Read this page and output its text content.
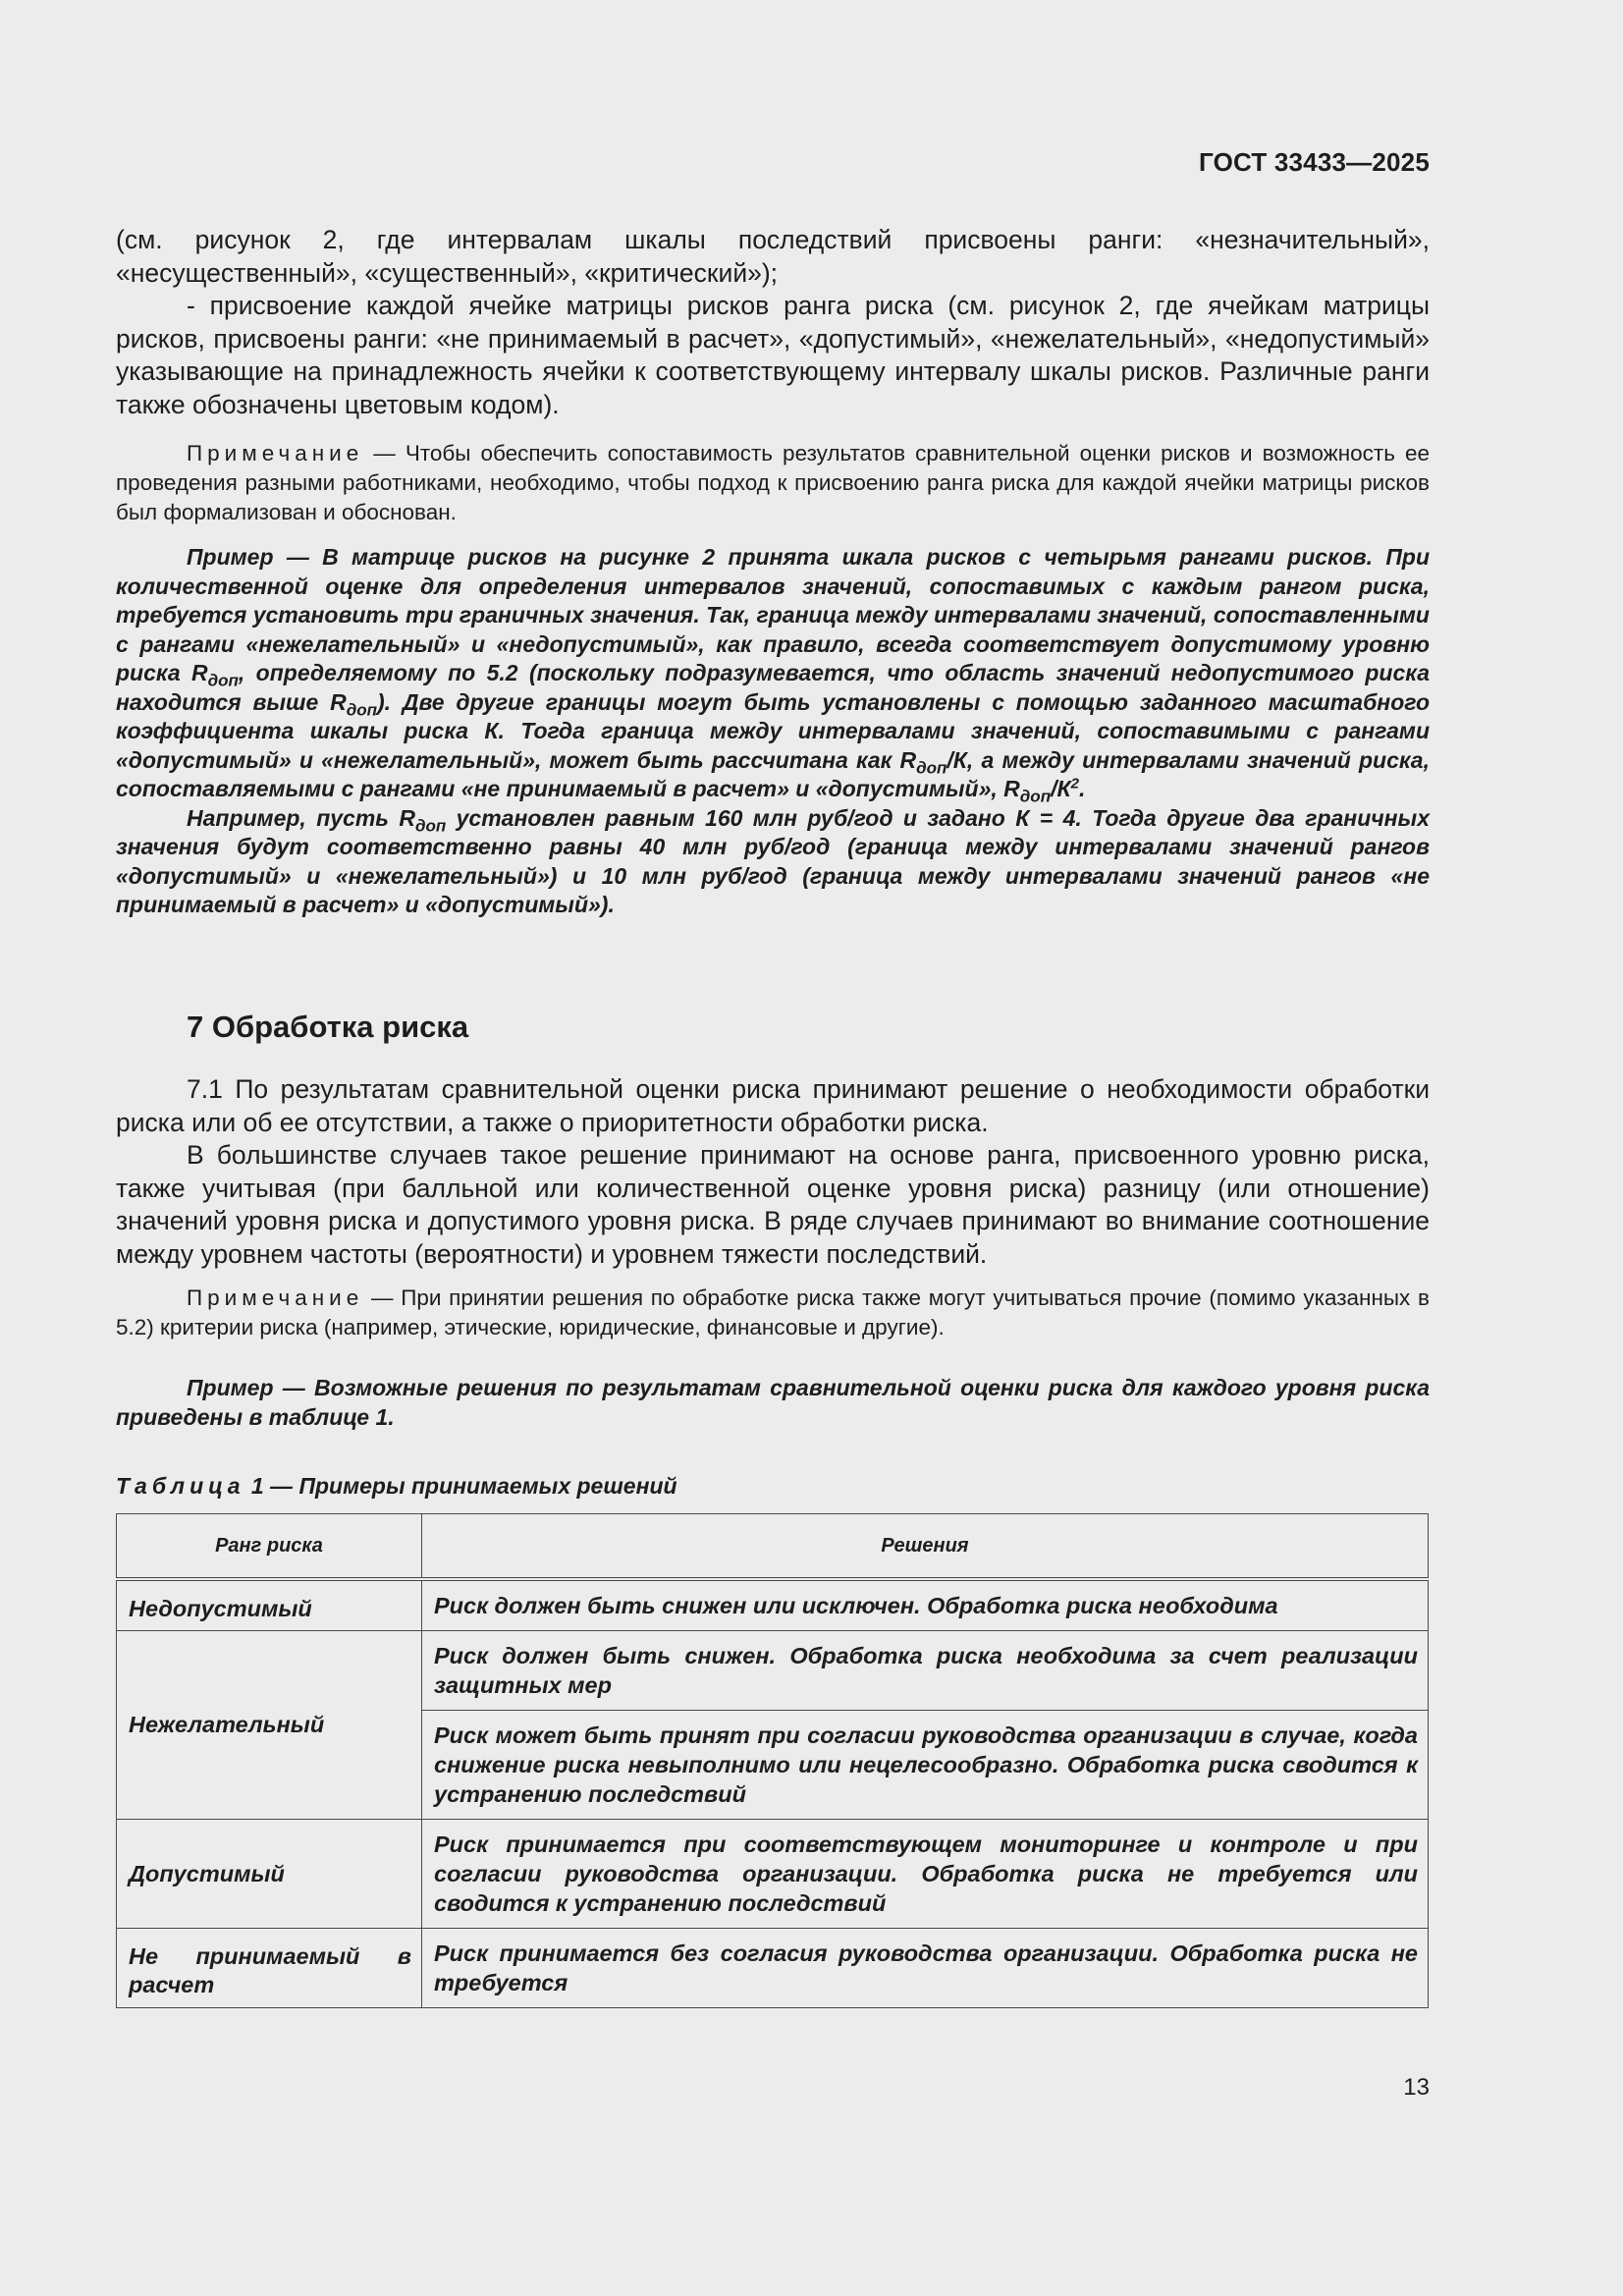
ГОСТ 33433—2025

(см. рисунок 2, где интервалам шкалы последствий присвоены ранги: «незначительный», «несущественный», «существенный», «критический»);

- присвоение каждой ячейке матрицы рисков ранга риска (см. рисунок 2, где ячейкам матрицы рисков, присвоены ранги: «не принимаемый в расчет», «допустимый», «нежелательный», «недопустимый» указывающие на принадлежность ячейки к соответствующему интервалу шкалы рисков. Различные ранги также обозначены цветовым кодом).

Примечание — Чтобы обеспечить сопоставимость результатов сравнительной оценки рисков и возможность ее проведения разными работниками, необходимо, чтобы подход к присвоению ранга риска для каждой ячейки матрицы рисков был формализован и обоснован.

Пример — В матрице рисков на рисунке 2 принята шкала рисков с четырьмя рангами рисков. При количественной оценке для определения интервалов значений, сопоставимых с каждым рангом риска, требуется установить три граничных значения. Так, граница между интервалами значений, сопоставленными с рангами «нежелательный» и «недопустимый», как правило, всегда соответствует допустимому уровню риска $R_{доп}$, определяемому по 5.2 (поскольку подразумевается, что область значений недопустимого риска находится выше $R_{доп}$). Две другие границы могут быть установлены с помощью заданного масштабного коэффициента шкалы риска К. Тогда граница между интервалами значений, сопоставимыми с рангами «допустимый» и «нежелательный», может быть рассчитана как $R_{доп}/К$, а между интервалами значений риска, сопоставляемыми с рангами «не принимаемый в расчет» и «допустимый», $R_{доп}/К^2$.

Например, пусть $R_{доп}$ установлен равным 160 млн руб/год и задано К = 4. Тогда другие два граничных значения будут соответственно равны 40 млн руб/год (граница между интервалами значений рангов «допустимый» и «нежелательный») и 10 млн руб/год (граница между интервалами значений рангов «не принимаемый в расчет» и «допустимый»).

7 Обработка риска

7.1 По результатам сравнительной оценки риска принимают решение о необходимости обработки риска или об ее отсутствии, а также о приоритетности обработки риска.

В большинстве случаев такое решение принимают на основе ранга, присвоенного уровню риска, также учитывая (при балльной или количественной оценке уровня риска) разницу (или отношение) значений уровня риска и допустимого уровня риска. В ряде случаев принимают во внимание соотношение между уровнем частоты (вероятности) и уровнем тяжести последствий.

Примечание — При принятии решения по обработке риска также могут учитываться прочие (помимо указанных в 5.2) критерии риска (например, этические, юридические, финансовые и другие).

Пример — Возможные решения по результатам сравнительной оценки риска для каждого уровня риска приведены в таблице 1.

Таблица 1 — Примеры принимаемых решений

Ранг риска	Решения
Недопустимый	Риск должен быть снижен или исключен. Обработка риска необходима
Нежелательный	Риск должен быть снижен. Обработка риска необходима за счет реализации защитных мер
	Риск может быть принят при согласии руководства организации в случае, когда снижение риска невыполнимо или нецелесообразно. Обработка риска сводится к устранению последствий
Допустимый	Риск принимается при соответствующем мониторинге и контроле и при согласии руководства организации. Обработка риска не требуется или сводится к устранению последствий
Не принимаемый в расчет	Риск принимается без согласия руководства организации. Обработка риска не требуется
13
